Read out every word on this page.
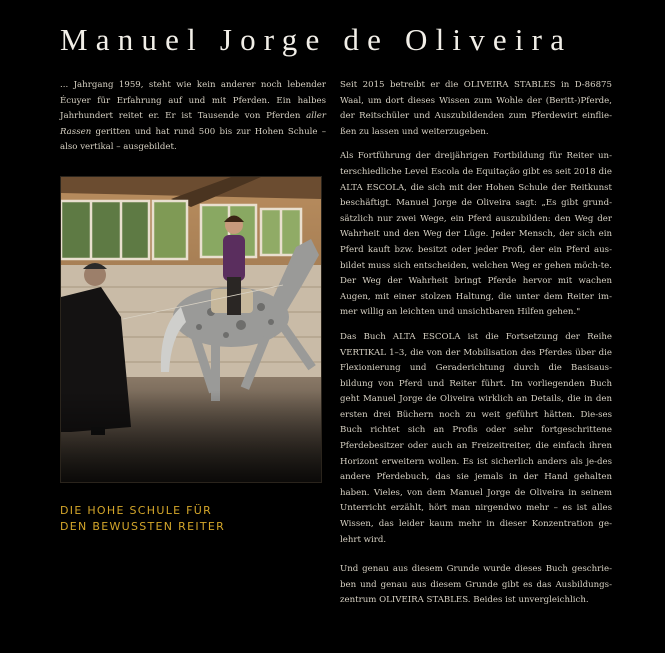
Manuel Jorge de Oliveira

... Jahrgang 1959, steht wie kein anderer noch lebender Écuyer für Erfahrung auf und mit Pferden. Ein halbes Jahrhundert reitet er. Er ist Tausende von Pferden aller Rassen geritten und hat rund 500 bis zur Hohen Schule – also vertikal – ausgebildet.

DIE HOHE SCHULE FÜR
DEN BEWUSSTEN REITER

Seit 2015 betreibt er die OLIVEIRA STABLES in D-86875 Waal, um dort dieses Wissen zum Wohle der (Beritt-)Pferde, der Reitschüler und Auszubildenden zum Pferdewirt einflie-ßen zu lassen und weiterzugeben.

Als Fortführung der dreijährigen Fortbildung für Reiter un-terschiedliche Level Escola de Equitação gibt es seit 2018 die ALTA ESCOLA, die sich mit der Hohen Schule der Reitkunst beschäftigt. Manuel Jorge de Oliveira sagt: „Es gibt grund-sätzlich nur zwei Wege, ein Pferd auszubilden: den Weg der Wahrheit und den Weg der Lüge. Jeder Mensch, der sich ein Pferd kauft bzw. besitzt oder jeder Profi, der ein Pferd aus-bildet muss sich entscheiden, welchen Weg er gehen möch-te. Der Weg der Wahrheit bringt Pferde hervor mit wachen Augen, mit einer stolzen Haltung, die unter dem Reiter im-mer willig an leichten und unsichtbaren Hilfen gehen."

Das Buch ALTA ESCOLA ist die Fortsetzung der Reihe VERTIKAL 1–3, die von der Mobilisation des Pferdes über die Flexionierung und Geraderichtung durch die Basisaus-bildung von Pferd und Reiter führt. Im vorliegenden Buch geht Manuel Jorge de Oliveira wirklich an Details, die in den ersten drei Büchern noch zu weit geführt hätten. Die-ses Buch richtet sich an Profis oder sehr fortgeschrittene Pferdebesitzer oder auch an Freizeitreiter, die einfach ihren Horizont erweitern wollen. Es ist sicherlich anders als je-des andere Pferdebuch, das sie jemals in der Hand gehalten haben. Vieles, von dem Manuel Jorge de Oliveira in seinem Unterricht erzählt, hört man nirgendwo mehr – es ist alles Wissen, das leider kaum mehr in dieser Konzentration ge-lehrt wird.

Und genau aus diesem Grunde wurde dieses Buch geschrie-ben und genau aus diesem Grunde gibt es das Ausbildungs-zentrum OLIVEIRA STABLES. Beides ist unvergleichlich.
